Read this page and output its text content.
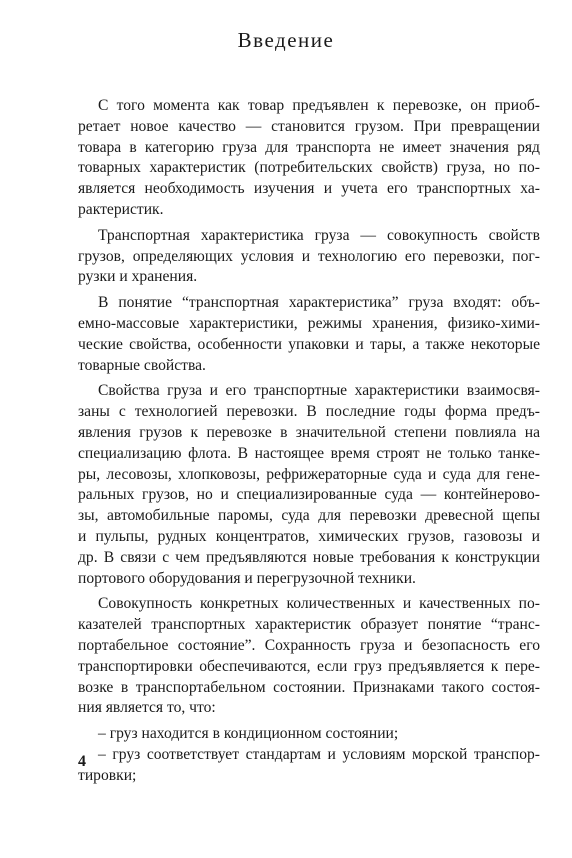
Введение
С того момента как товар предъявлен к перевозке, он приоб-
ретает новое качество — становится грузом. При превращении
товара в категорию груза для транспорта не имеет значения ряд
товарных характеристик (потребительских свойств) груза, но по-
является необходимость изучения и учета его транспортных ха-
рактеристик.
Транспортная характеристика груза — совокупность свойств
грузов, определяющих условия и технологию его перевозки, пог-
рузки и хранения.
В понятие “транспортная характеристика” груза входят: объ-
емно-массовые характеристики, режимы хранения, физико-хими-
ческие свойства, особенности упаковки и тары, а также некоторые
товарные свойства.
Свойства груза и его транспортные характеристики взаимосвя-
заны с технологией перевозки. В последние годы форма предъ-
явления грузов к перевозке в значительной степени повлияла на
специализацию флота. В настоящее время строят не только танке-
ры, лесовозы, хлопковозы, рефрижераторные суда и суда для гене-
ральных грузов, но и специализированные суда — контейнерово-
зы, автомобильные паромы, суда для перевозки древесной щепы
и пульпы, рудных концентратов, химических грузов, газовозы и
др. В связи с чем предъявляются новые требования к конструкции
портового оборудования и перегрузочной техники.
Совокупность конкретных количественных и качественных по-
казателей транспортных характеристик образует понятие “транс-
портабельное состояние”. Сохранность груза и безопасность его
транспортировки обеспечиваются, если груз предъявляется к пере-
возке в транспортабельном состоянии. Признаками такого состоя-
ния является то, что:
– груз находится в кондиционном состоянии;
– груз соответствует стандартам и условиям морской транспор-
тировки;
4
